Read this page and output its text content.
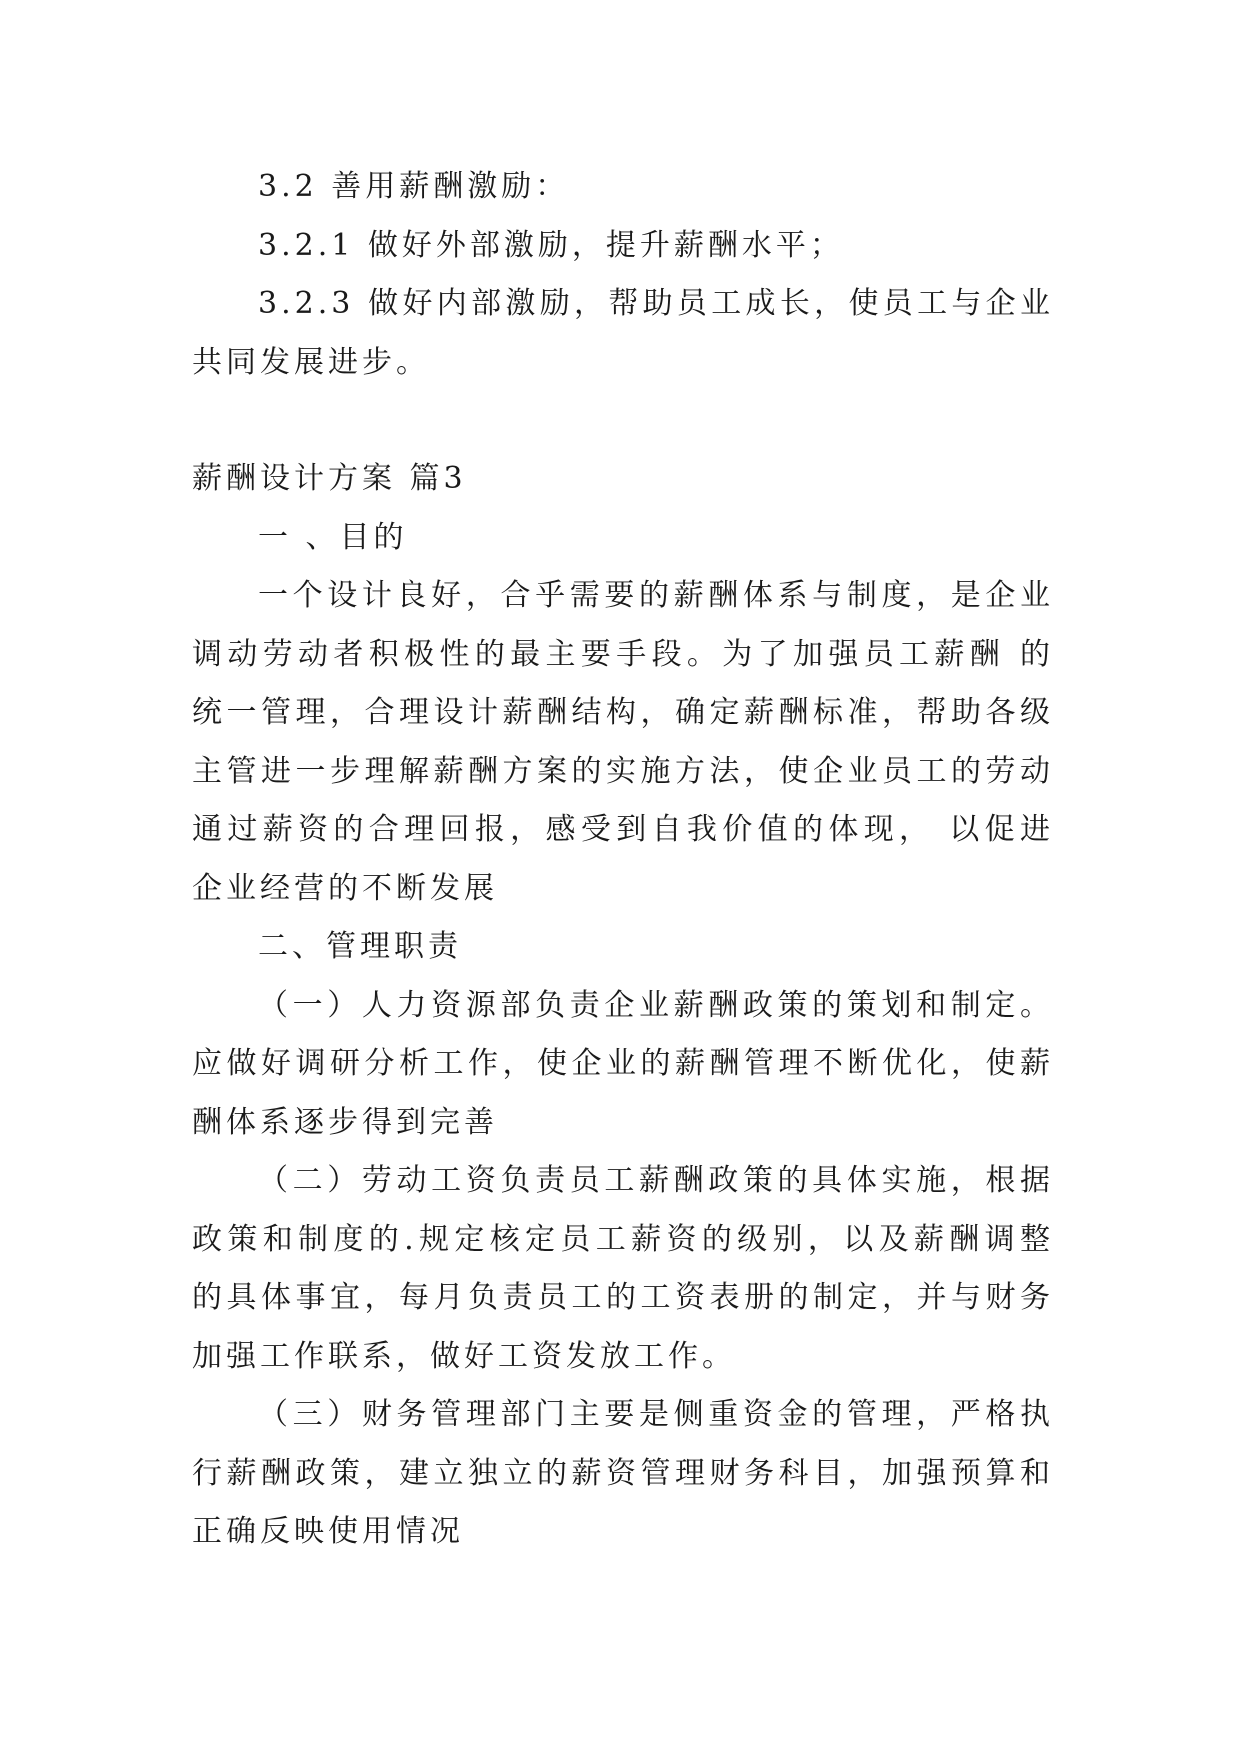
3.2 善用薪酬激励：

3.2.1 做好外部激励，提升薪酬水平；

3.2.3 做好内部激励，帮助员工成长，使员工与企业共同发展进步。

薪酬设计方案 篇3

一 、目的

一个设计良好，合乎需要的薪酬体系与制度，是企业调动劳动者积极性的最主要手段。为了加强员工薪酬 的统一管理，合理设计薪酬结构，确定薪酬标准，帮助各级主管进一步理解薪酬方案的实施方法，使企业员工的劳动通过薪资的合理回报，感受到自我价值的体现， 以促进企业经营的不断发展

二、管理职责

（一）人力资源部负责企业薪酬政策的策划和制定。应做好调研分析工作，使企业的薪酬管理不断优化，使薪酬体系逐步得到完善

（二）劳动工资负责员工薪酬政策的具体实施，根据政策和制度的.规定核定员工薪资的级别，以及薪酬调整的具体事宜，每月负责员工的工资表册的制定，并与财务加强工作联系，做好工资发放工作。

（三）财务管理部门主要是侧重资金的管理，严格执行薪酬政策，建立独立的薪资管理财务科目，加强预算和正确反映使用情况
